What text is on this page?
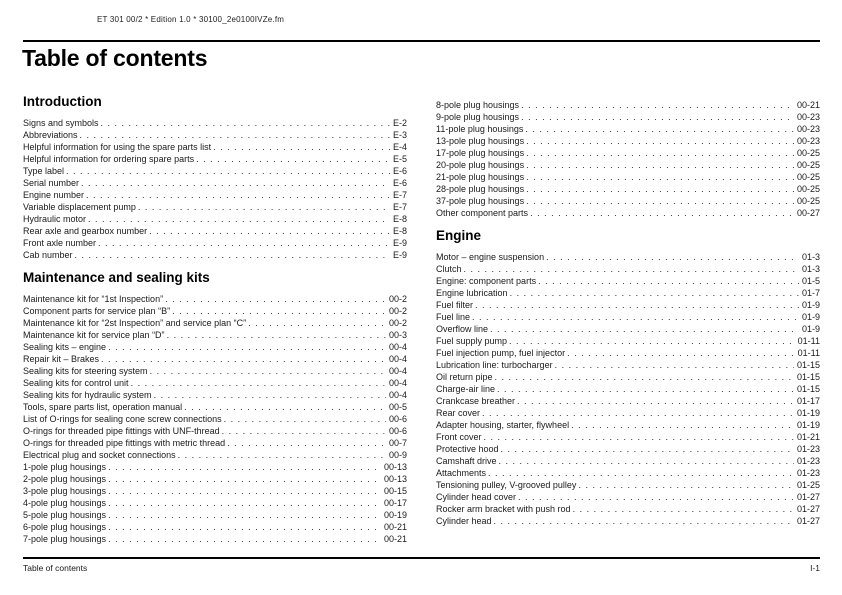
ET 301 00/2 * Edition 1.0 * 30100_2e0100IVZe.fm
Table of contents
Introduction
Signs and symbols . . .	E-2
Abbreviations . . .	E-3
Helpful information for using the spare parts list . . .	E-4
Helpful information for ordering spare parts . . .	E-5
Type label . . .	E-6
Serial number . . .	E-6
Engine number . . .	E-7
Variable displacement pump . . .	E-7
Hydraulic motor . . .	E-8
Rear axle and gearbox number . . .	E-8
Front axle number . . .	E-9
Cab number . . .	E-9
Maintenance and sealing kits
Maintenance kit for “1st Inspection” . . .	00-2
Component parts for service plan “B” . . .	00-2
Maintenance kit for “2st Inspection” and service plan “C” . . .	00-2
Maintenance kit for service plan “D” . . .	00-3
Sealing kits – engine . . .	00-4
Repair kit – Brakes . . .	00-4
Sealing kits for steering system . . .	00-4
Sealing kits for control unit . . .	00-4
Sealing kits for hydraulic system . . .	00-4
Tools, spare parts list, operation manual . . .	00-5
List of O-rings for sealing cone screw connections . . .	00-6
O-rings for threaded pipe fittings with UNF-thread . . .	00-6
O-rings for threaded pipe fittings with metric thread . . .	00-7
Electrical plug and socket connections . . .	00-9
1-pole plug housings . . .	00-13
2-pole plug housings . . .	00-13
3-pole plug housings . . .	00-15
4-pole plug housings . . .	00-17
5-pole plug housings . . .	00-19
6-pole plug housings . . .	00-21
7-pole plug housings . . .	00-21
8-pole plug housings . . .	00-21
9-pole plug housings . . .	00-23
11-pole plug housings . . .	00-23
13-pole plug housings . . .	00-23
17-pole plug housings . . .	00-25
20-pole plug housings . . .	00-25
21-pole plug housings . . .	00-25
28-pole plug housings . . .	00-25
37-pole plug housings . . .	00-25
Other component parts . . .	00-27
Engine
Motor – engine suspension . . .	01-3
Clutch . . .	01-3
Engine: component parts . . .	01-5
Engine lubrication . . .	01-7
Fuel filter . . .	01-9
Fuel line . . .	01-9
Overflow line . . .	01-9
Fuel supply pump . . .	01-11
Fuel injection pump, fuel injector . . .	01-11
Lubrication line: turbocharger . . .	01-15
Oil return pipe . . .	01-15
Charge-air line . . .	01-15
Crankcase breather . . .	01-17
Rear cover . . .	01-19
Adapter housing, starter, flywheel . . .	01-19
Front cover . . .	01-21
Protective hood . . .	01-23
Camshaft drive . . .	01-23
Attachments . . .	01-23
Tensioning pulley, V-grooved pulley . . .	01-25
Cylinder head cover . . .	01-27
Rocker arm bracket with push rod . . .	01-27
Cylinder head . . .	01-27
Table of contents	I-1
